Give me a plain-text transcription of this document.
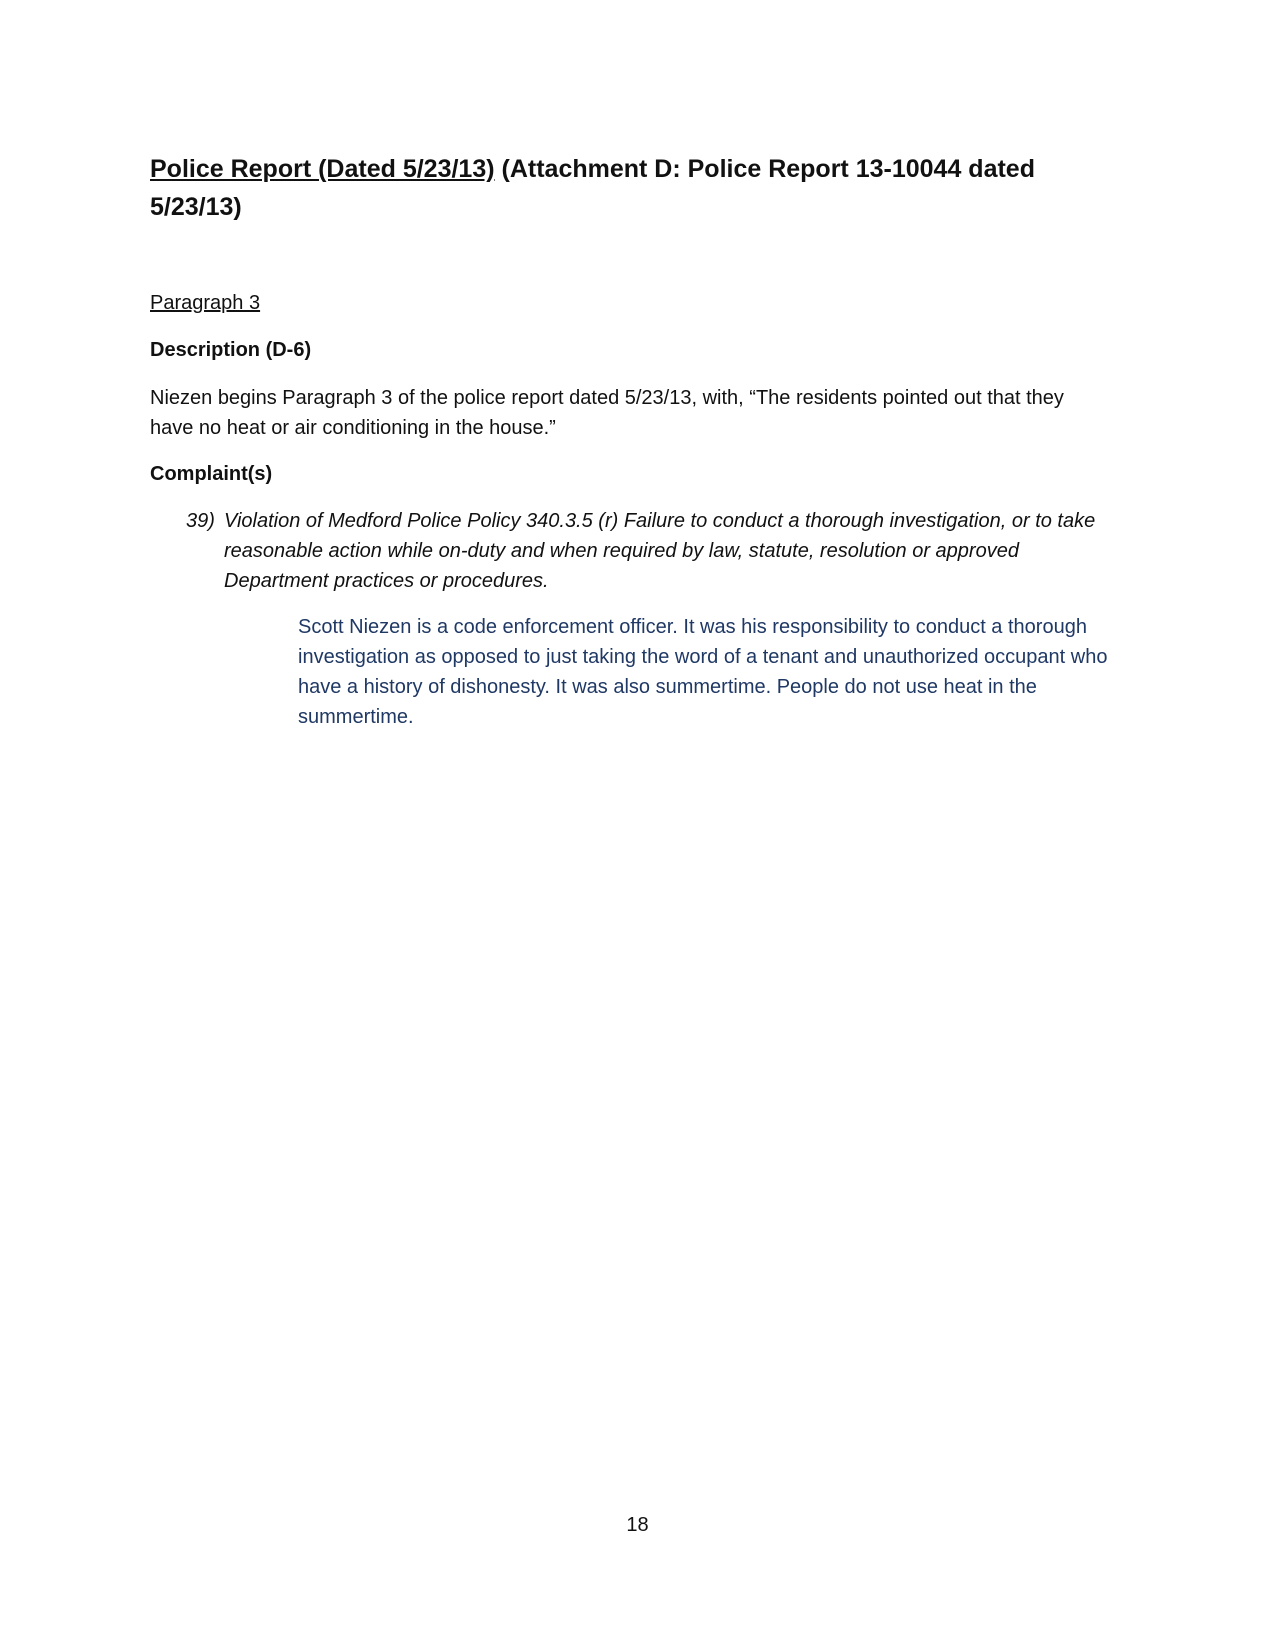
Police Report (Dated 5/23/13) (Attachment D: Police Report 13-10044 dated 5/23/13)
Paragraph 3
Description (D-6)

Niezen begins Paragraph 3 of the police report dated 5/23/13, with, “The residents pointed out that they have no heat or air conditioning in the house.”

Complaint(s)
39) Violation of Medford Police Policy 340.3.5 (r) Failure to conduct a thorough investigation, or to take reasonable action while on-duty and when required by law, statute, resolution or approved Department practices or procedures.

Scott Niezen is a code enforcement officer. It was his responsibility to conduct a thorough investigation as opposed to just taking the word of a tenant and unauthorized occupant who have a history of dishonesty. It was also summertime. People do not use heat in the summertime.

18
